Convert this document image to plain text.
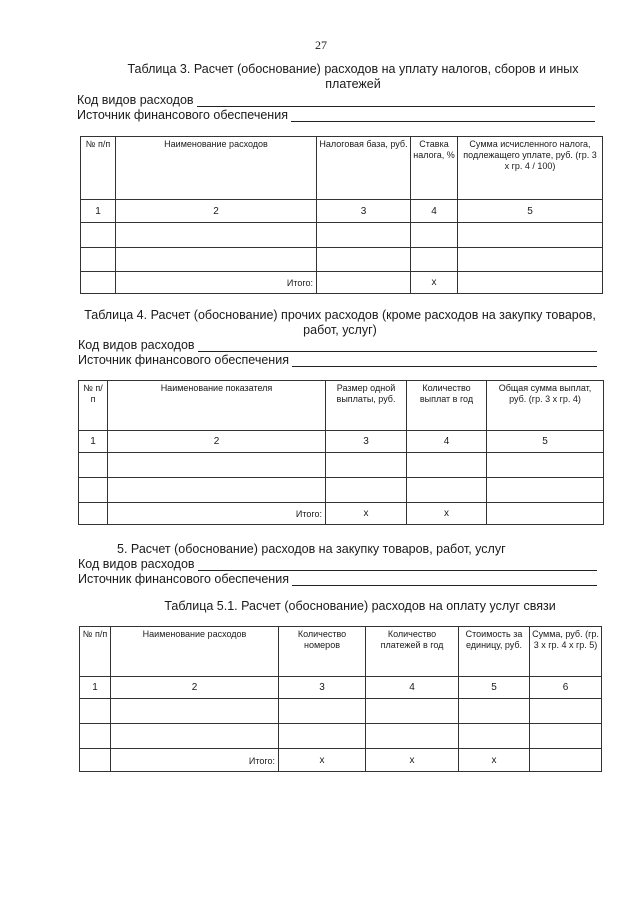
27
Таблица 3. Расчет (обоснование) расходов на уплату налогов, сборов и иных платежей
Код видов расходов
Источник финансового обеспечения
№ п/п	Наименование расходов	Налоговая база, руб.	Ставка налога, %	Сумма исчисленного налога, подлежащего уплате, руб. (гр. 3 х гр. 4 / 100)
1	2	3	4	5

	Итого:		х	
Таблица 4. Расчет (обоснование) прочих расходов (кроме расходов на закупку товаров, работ, услуг)
Код видов расходов
Источник финансового обеспечения
№ п/п	Наименование показателя	Размер одной выплаты, руб.	Количество выплат в год	Общая сумма выплат, руб. (гр. 3 х гр. 4)
1	2	3	4	5

	Итого:	х	х	
5. Расчет (обоснование) расходов на закупку товаров, работ, услуг
Код видов расходов
Источник финансового обеспечения
Таблица 5.1. Расчет (обоснование) расходов на оплату услуг связи
№ п/п	Наименование расходов	Количество номеров	Количество платежей в год	Стоимость за единицу, руб.	Сумма, руб. (гр. 3 х гр. 4 х гр. 5)
1	2	3	4	5	6

	Итого:	х	х	х	
